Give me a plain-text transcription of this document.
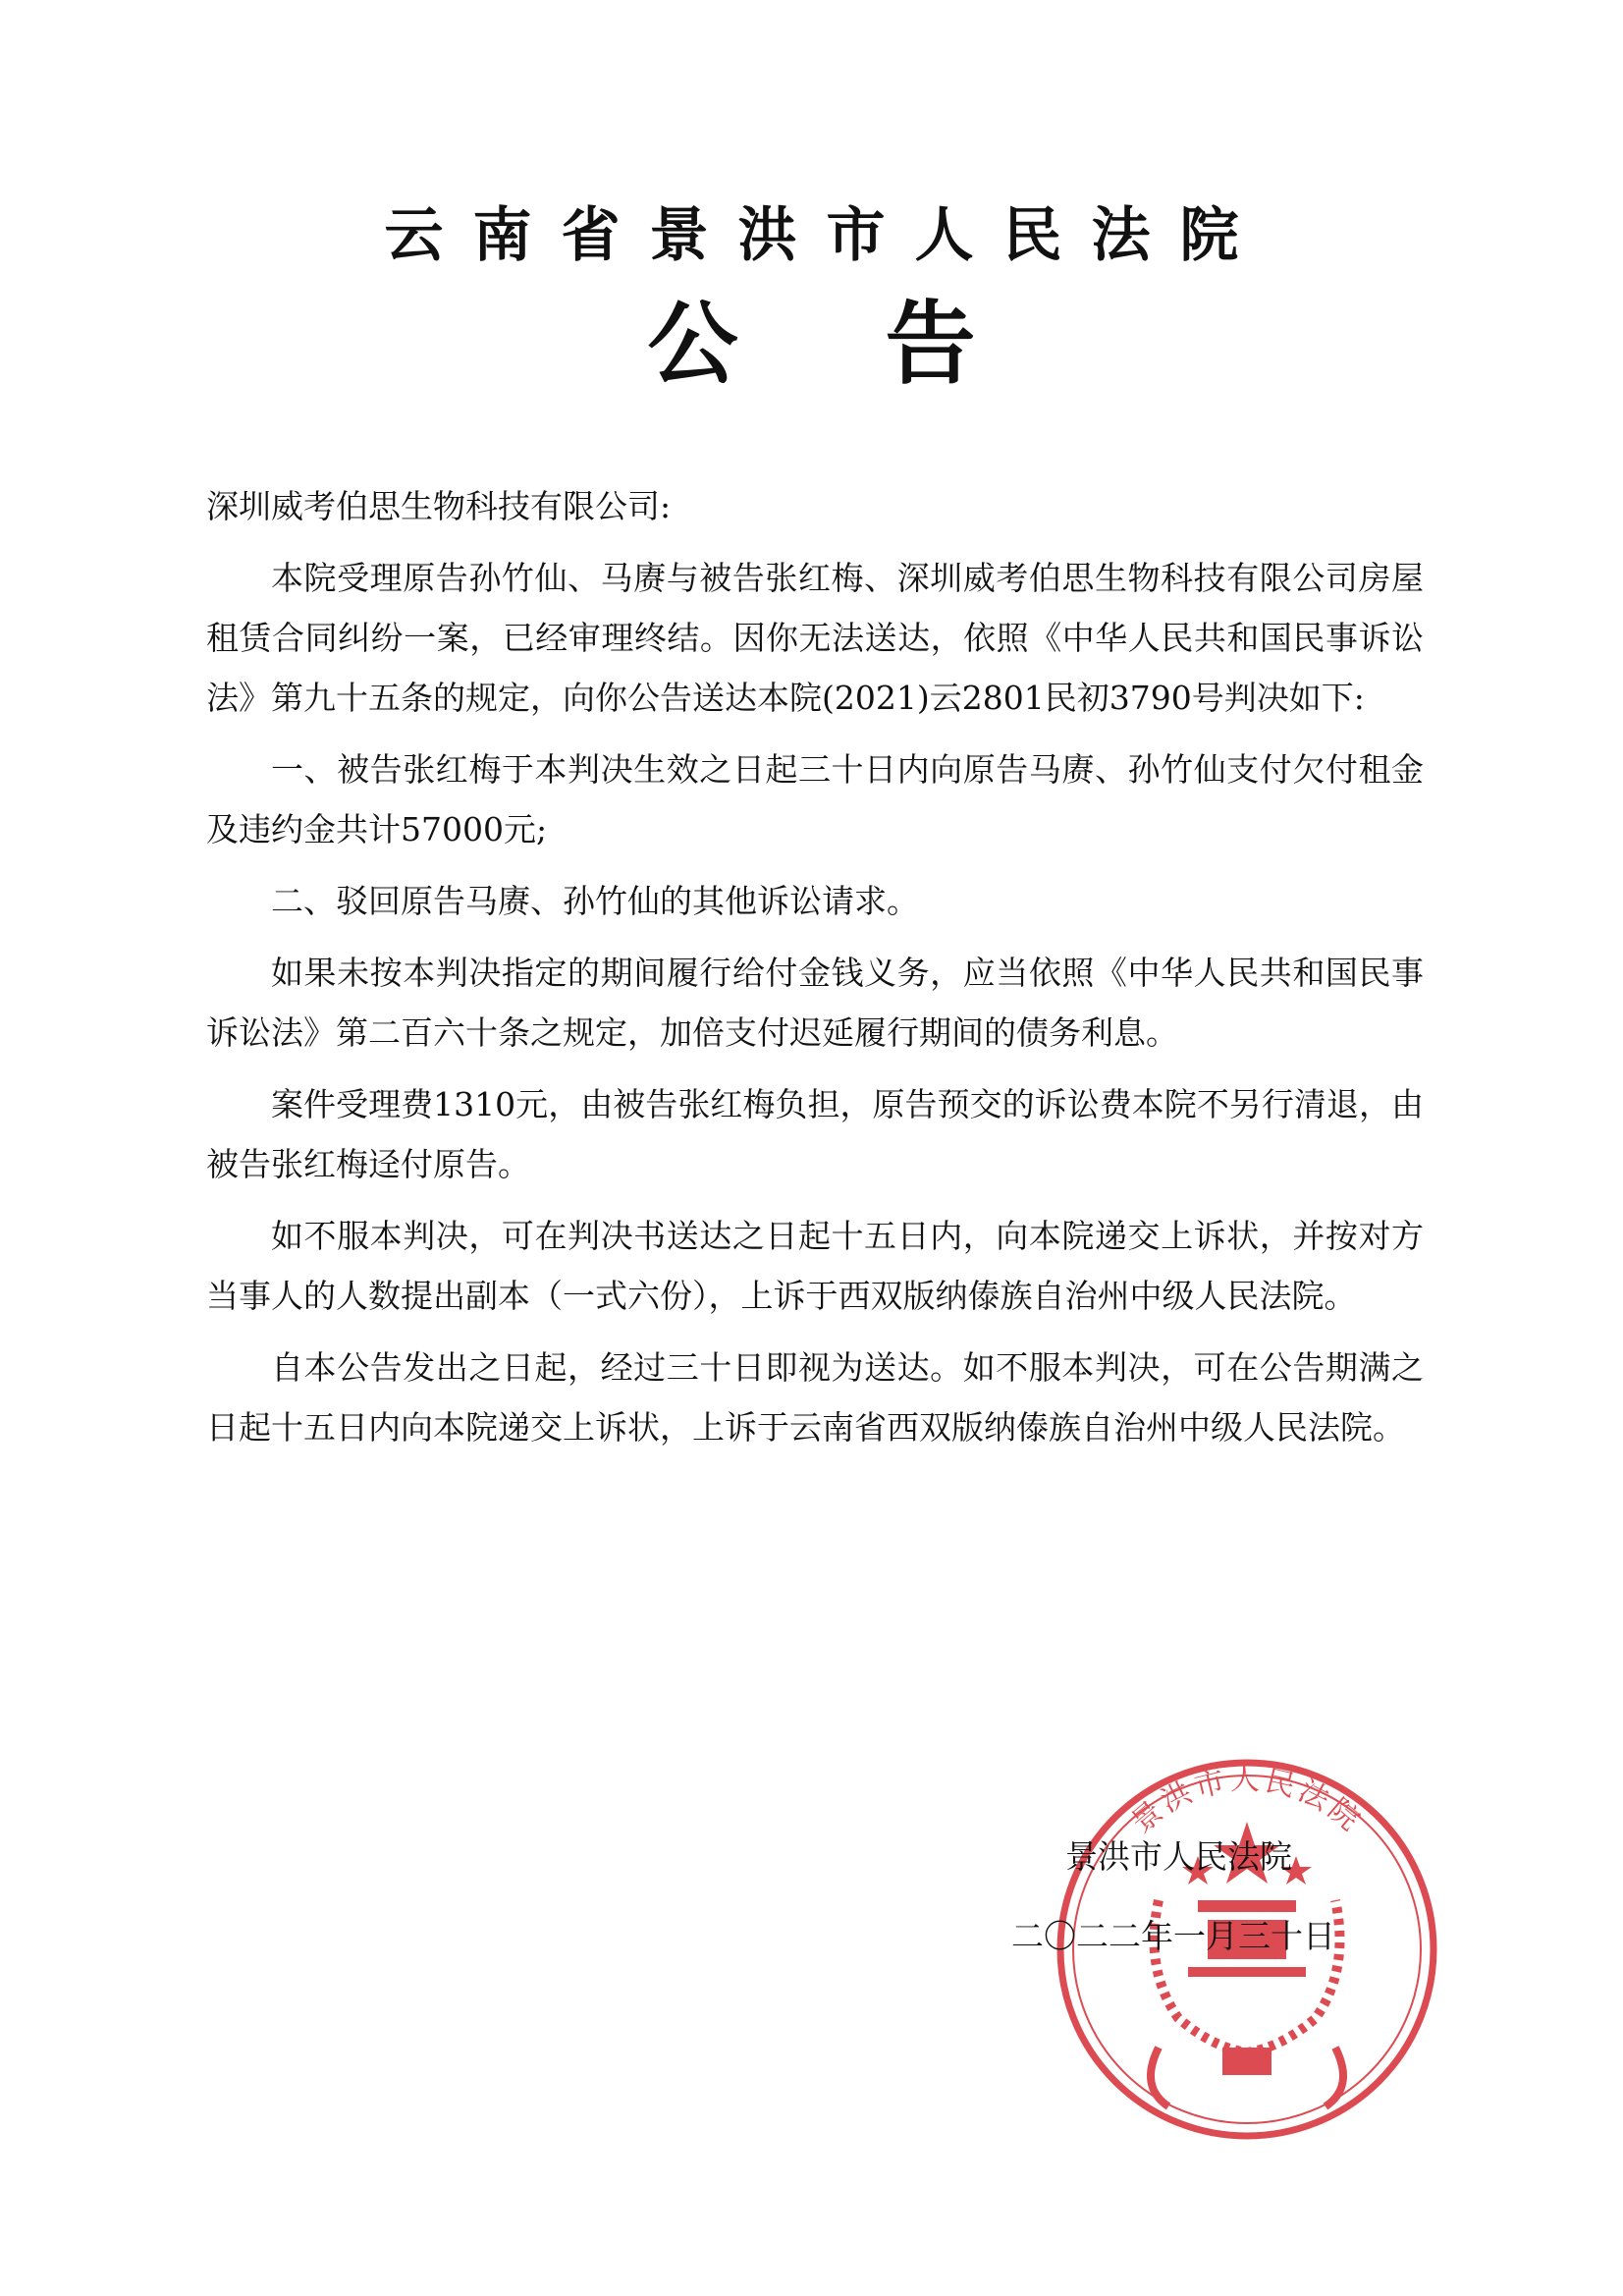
云南省景洪市人民法院
公告

深圳威考伯思生物科技有限公司:

本院受理原告孙竹仙、马赓与被告张红梅、深圳威考伯思生物科技有限公司房屋租赁合同纠纷一案，已经审理终结。因你无法送达，依照《中华人民共和国民事诉讼法》第九十五条的规定，向你公告送达本院(2021)云2801民初3790号判决如下:

一、被告张红梅于本判决生效之日起三十日内向原告马赓、孙竹仙支付欠付租金及违约金共计57000元;

二、驳回原告马赓、孙竹仙的其他诉讼请求。

如果未按本判决指定的期间履行给付金钱义务，应当依照《中华人民共和国民事诉讼法》第二百六十条之规定，加倍支付迟延履行期间的债务利息。

案件受理费1310元，由被告张红梅负担，原告预交的诉讼费本院不另行清退，由被告张红梅迳付原告。

如不服本判决，可在判决书送达之日起十五日内，向本院递交上诉状，并按对方当事人的人数提出副本（一式六份），上诉于西双版纳傣族自治州中级人民法院。

自本公告发出之日起，经过三十日即视为送达。如不服本判决，可在公告期满之日起十五日内向本院递交上诉状，上诉于云南省西双版纳傣族自治州中级人民法院。

景洪市人民法院
景洪市人民法院
二〇二二年一月三十日
